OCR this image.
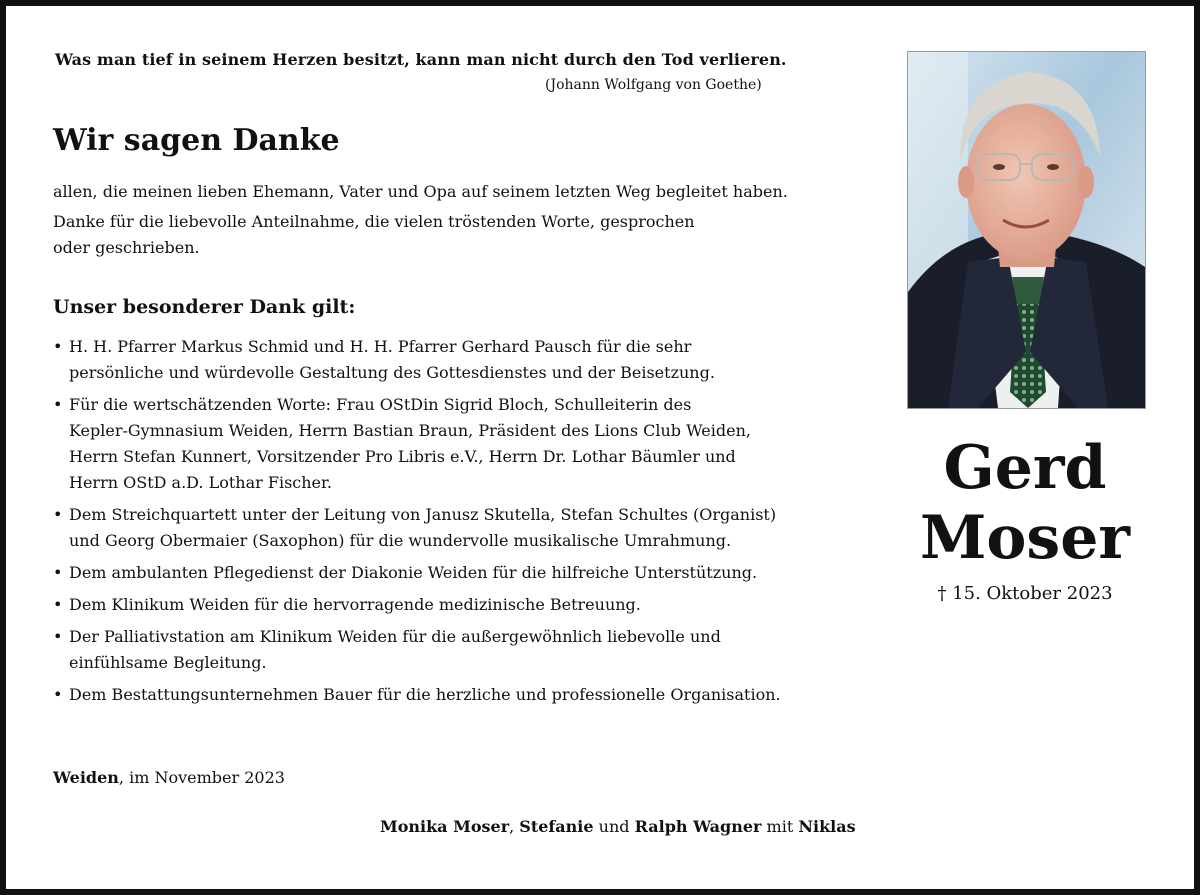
Was man tief in seinem Herzen besitzt, kann man nicht durch den Tod verlieren.
(Johann Wolfgang von Goethe)
Wir sagen Danke
allen, die meinen lieben Ehemann, Vater und Opa auf seinem letzten Weg begleitet haben.
Danke für die liebevolle Anteilnahme, die vielen tröstenden Worte, gesprochen
oder geschrieben.
Unser besonderer Dank gilt:
• H. H. Pfarrer Markus Schmid und H. H. Pfarrer Gerhard Pausch für die sehr
persönliche und würdevolle Gestaltung des Gottesdienstes und der Beisetzung.
• Für die wertschätzenden Worte: Frau OStDin Sigrid Bloch, Schulleiterin des
Kepler-Gymnasium Weiden, Herrn Bastian Braun, Präsident des Lions Club Weiden,
Herrn Stefan Kunnert, Vorsitzender Pro Libris e.V., Herrn Dr. Lothar Bäumler und
Herrn OStD a.D. Lothar Fischer.
• Dem Streichquartett unter der Leitung von Janusz Skutella, Stefan Schultes (Organist)
und Georg Obermaier (Saxophon) für die wundervolle musikalische Umrahmung.
• Dem ambulanten Pflegedienst der Diakonie Weiden für die hilfreiche Unterstützung.
• Dem Klinikum Weiden für die hervorragende medizinische Betreuung.
• Der Palliativstation am Klinikum Weiden für die außergewöhnlich liebevolle und
einfühlsame Begleitung.
• Dem Bestattungsunternehmen Bauer für die herzliche und professionelle Organisation.
Weiden, im November 2023
Monika Moser, Stefanie und Ralph Wagner mit Niklas
Gerd
Moser
† 15. Oktober 2023
